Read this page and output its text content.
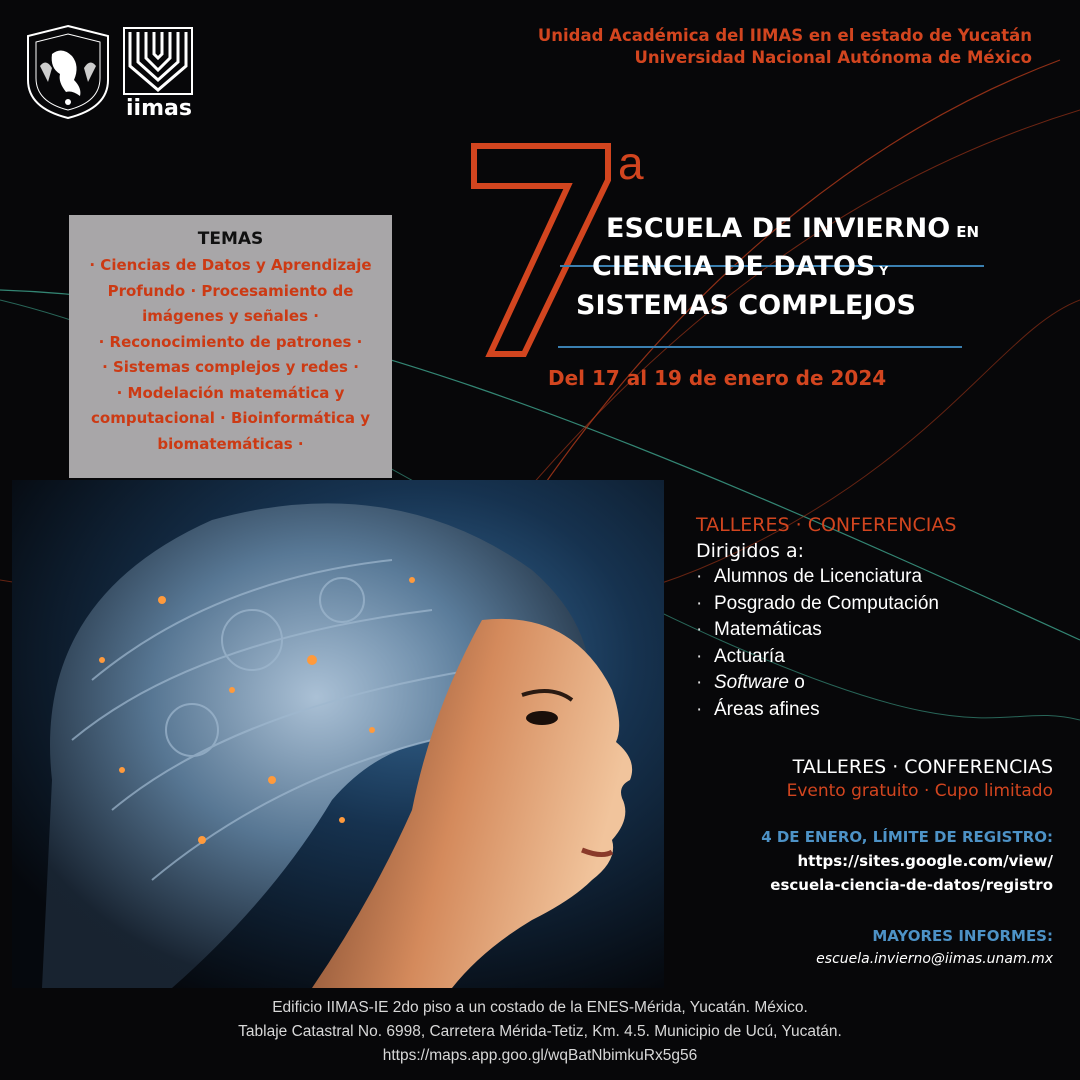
iimas
Unidad Académica del IIMAS en el estado de Yucatán
Universidad Nacional Autónoma de México
a
ESCUELA DE INVIERNO EN
CIENCIA DE DATOS Y
SISTEMAS COMPLEJOS
Del 17 al 19 de enero de 2024
TEMAS
· Ciencias de Datos y Aprendizaje
Profundo · Procesamiento de
imágenes y señales ·
· Reconocimiento de patrones ·
· Sistemas complejos y redes ·
· Modelación matemática y
computacional · Bioinformática y
biomatemáticas ·
TALLERES · CONFERENCIAS
Dirigidos a:
· Alumnos de Licenciatura
· Posgrado de Computación
· Matemáticas
· Actuaría
· Software o
· Áreas afines
TALLERES · CONFERENCIAS
Evento gratuito · Cupo limitado
4 DE ENERO, LÍMITE DE REGISTRO:
https://sites.google.com/view/
escuela-ciencia-de-datos/registro
MAYORES INFORMES:
escuela.invierno@iimas.unam.mx
Edificio IIMAS-IE 2do piso a un costado de la ENES-Mérida, Yucatán. México.
Tablaje Catastral No. 6998, Carretera Mérida-Tetiz, Km. 4.5. Municipio de Ucú, Yucatán.
https://maps.app.goo.gl/wqBatNbimkuRx5g56
